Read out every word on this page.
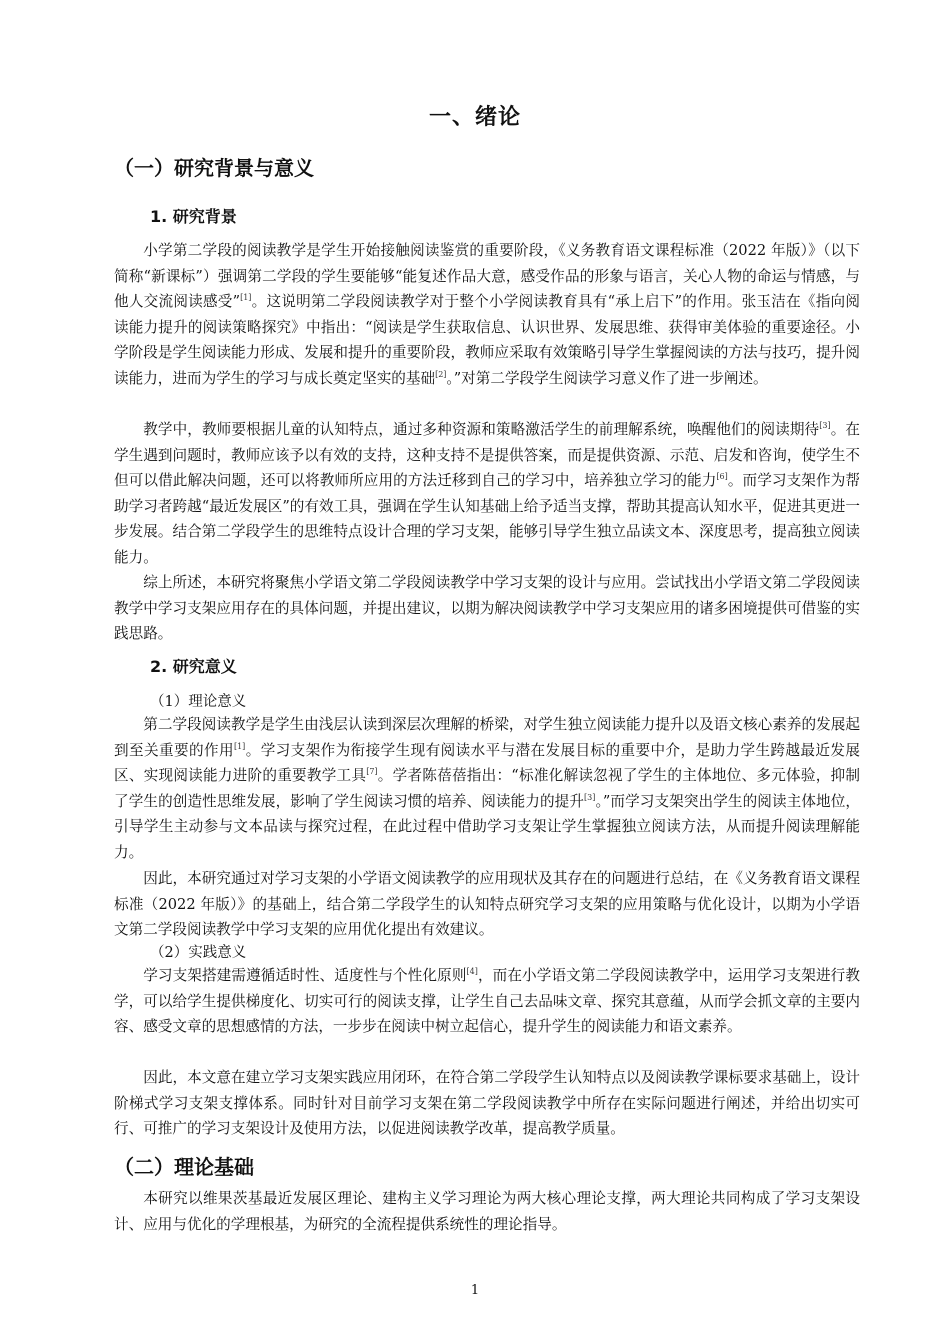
一、绪论
（一）研究背景与意义
1. 研究背景

小学第二学段的阅读教学是学生开始接触阅读鉴赏的重要阶段，《义务教育语文课程标准（2022 年版）》（以下简称“新课标”）强调第二学段的学生要能够“能复述作品大意，感受作品的形象与语言，关心人物的命运与情感，与他人交流阅读感受”[1]。这说明第二学段阅读教学对于整个小学阅读教育具有“承上启下”的作用。张玉洁在《指向阅读能力提升的阅读策略探究》中指出：“阅读是学生获取信息、认识世界、发展思维、获得审美体验的重要途径。小学阶段是学生阅读能力形成、发展和提升的重要阶段，教师应采取有效策略引导学生掌握阅读的方法与技巧，提升阅读能力，进而为学生的学习与成长奠定坚实的基础[2]。”对第二学段学生阅读学习意义作了进一步阐述。

教学中，教师要根据儿童的认知特点，通过多种资源和策略激活学生的前理解系统，唤醒他们的阅读期待[3]。在学生遇到问题时，教师应该予以有效的支持，这种支持不是提供答案，而是提供资源、示范、启发和咨询，使学生不但可以借此解决问题，还可以将教师所应用的方法迁移到自己的学习中，培养独立学习的能力[6]。而学习支架作为帮助学习者跨越“最近发展区”的有效工具，强调在学生认知基础上给予适当支撑，帮助其提高认知水平，促进其更进一步发展。结合第二学段学生的思维特点设计合理的学习支架，能够引导学生独立品读文本、深度思考，提高独立阅读能力。

综上所述，本研究将聚焦小学语文第二学段阅读教学中学习支架的设计与应用。尝试找出小学语文第二学段阅读教学中学习支架应用存在的具体问题，并提出建议，以期为解决阅读教学中学习支架应用的诸多困境提供可借鉴的实践思路。

2. 研究意义
（1）理论意义

第二学段阅读教学是学生由浅层认读到深层次理解的桥梁，对学生独立阅读能力提升以及语文核心素养的发展起到至关重要的作用[1]。学习支架作为衔接学生现有阅读水平与潜在发展目标的重要中介，是助力学生跨越最近发展区、实现阅读能力进阶的重要教学工具[7]。学者陈蓓蓓指出：“标准化解读忽视了学生的主体地位、多元体验，抑制了学生的创造性思维发展，影响了学生阅读习惯的培养、阅读能力的提升[3]。”而学习支架突出学生的阅读主体地位，引导学生主动参与文本品读与探究过程，在此过程中借助学习支架让学生掌握独立阅读方法，从而提升阅读理解能力。

因此，本研究通过对学习支架的小学语文阅读教学的应用现状及其存在的问题进行总结，在《义务教育语文课程标准（2022 年版）》的基础上，结合第二学段学生的认知特点研究学习支架的应用策略与优化设计，以期为小学语文第二学段阅读教学中学习支架的应用优化提出有效建议。

（2）实践意义

学习支架搭建需遵循适时性、适度性与个性化原则[4]，而在小学语文第二学段阅读教学中，运用学习支架进行教学，可以给学生提供梯度化、切实可行的阅读支撑，让学生自己去品味文章、探究其意蕴，从而学会抓文章的主要内容、感受文章的思想感情的方法，一步步在阅读中树立起信心，提升学生的阅读能力和语文素养。

因此，本文意在建立学习支架实践应用闭环，在符合第二学段学生认知特点以及阅读教学课标要求基础上，设计阶梯式学习支架支撑体系。同时针对目前学习支架在第二学段阅读教学中所存在实际问题进行阐述，并给出切实可行、可推广的学习支架设计及使用方法，以促进阅读教学改革，提高教学质量。

（二）理论基础

本研究以维果茨基最近发展区理论、建构主义学习理论为两大核心理论支撑，两大理论共同构成了学习支架设计、应用与优化的学理根基，为研究的全流程提供系统性的理论指导。

1
